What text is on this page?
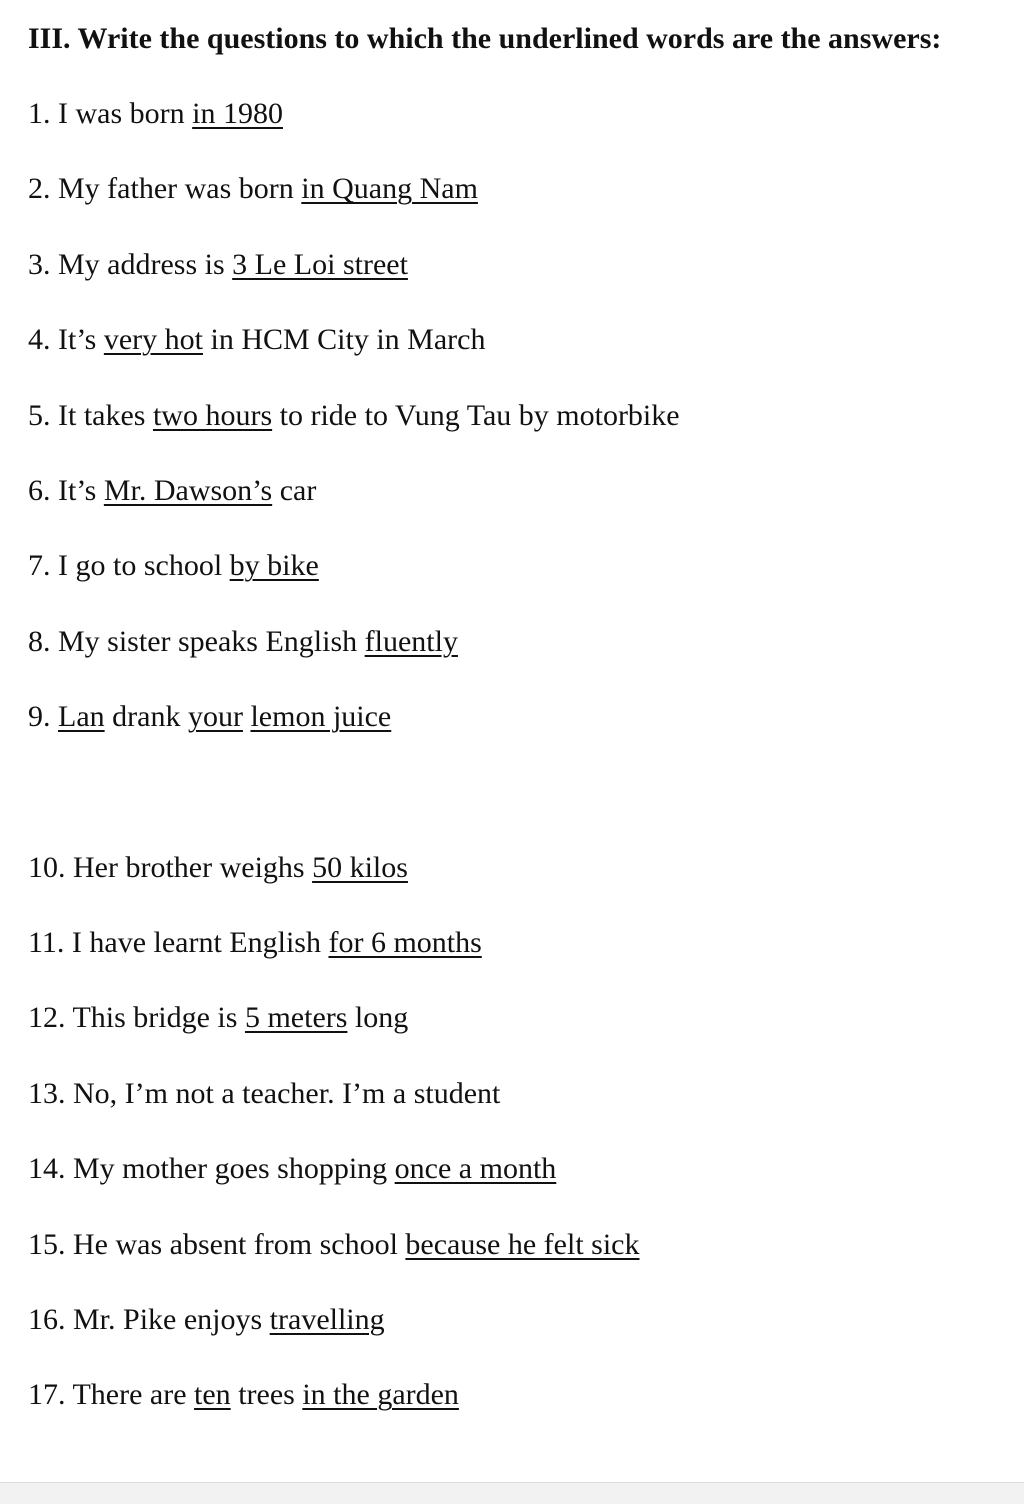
III. Write the questions to which the underlined words are the answers:

1. I was born in 1980
2. My father was born in Quang Nam
3. My address is 3 Le Loi street
4. It’s very hot in HCM City in March
5. It takes two hours to ride to Vung Tau by motorbike
6. It’s Mr. Dawson’s car
7. I go to school by bike
8. My sister speaks English fluently
9. Lan drank your lemon juice
10. Her brother weighs 50 kilos
11. I have learnt English for 6 months
12. This bridge is 5 meters long
13. No, I’m not a teacher. I’m a student
14. My mother goes shopping once a month
15. He was absent from school because he felt sick
16. Mr. Pike enjoys travelling
17. There are ten trees in the garden
